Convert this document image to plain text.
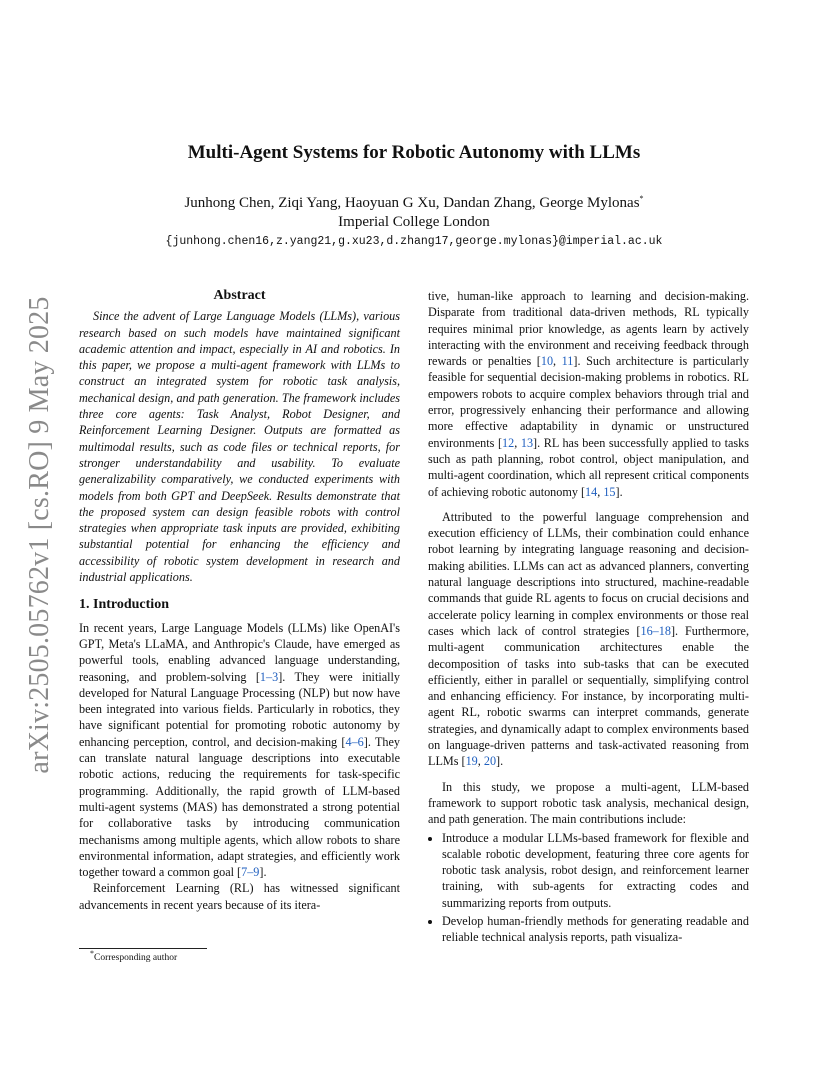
arXiv:2505.05762v1 [cs.RO] 9 May 2025
Multi-Agent Systems for Robotic Autonomy with LLMs
Junhong Chen, Ziqi Yang, Haoyuan G Xu, Dandan Zhang, George Mylonas*
Imperial College London
{junhong.chen16,z.yang21,g.xu23,d.zhang17,george.mylonas}@imperial.ac.uk
Abstract

Since the advent of Large Language Models (LLMs), various research based on such models have maintained significant academic attention and impact, especially in AI and robotics. In this paper, we propose a multi-agent framework with LLMs to construct an integrated system for robotic task analysis, mechanical design, and path generation. The framework includes three core agents: Task Analyst, Robot Designer, and Reinforcement Learning Designer. Outputs are formatted as multimodal results, such as code files or technical reports, for stronger understandability and usability. To evaluate generalizability comparatively, we conducted experiments with models from both GPT and DeepSeek. Results demonstrate that the proposed system can design feasible robots with control strategies when appropriate task inputs are provided, exhibiting substantial potential for enhancing the efficiency and accessibility of robotic system development in research and industrial applications.

1. Introduction

In recent years, Large Language Models (LLMs) like OpenAI's GPT, Meta's LLaMA, and Anthropic's Claude, have emerged as powerful tools, enabling advanced language understanding, reasoning, and problem-solving [1–3]. They were initially developed for Natural Language Processing (NLP) but now have been integrated into various fields. Particularly in robotics, they have significant potential for promoting robotic autonomy by enhancing perception, control, and decision-making [4–6]. They can translate natural language descriptions into executable robotic actions, reducing the requirements for task-specific programming. Additionally, the rapid growth of LLM-based multi-agent systems (MAS) has demonstrated a strong potential for collaborative tasks by introducing communication mechanisms among multiple agents, which allow robots to share environmental information, adapt strategies, and efficiently work together toward a common goal [7–9].

Reinforcement Learning (RL) has witnessed significant advancements in recent years because of its itera-

tive, human-like approach to learning and decision-making. Disparate from traditional data-driven methods, RL typically requires minimal prior knowledge, as agents learn by actively interacting with the environment and receiving feedback through rewards or penalties [10, 11]. Such architecture is particularly feasible for sequential decision-making problems in robotics. RL empowers robots to acquire complex behaviors through trial and error, progressively enhancing their performance and allowing more effective adaptability in dynamic or unstructured environments [12, 13]. RL has been successfully applied to tasks such as path planning, robot control, object manipulation, and multi-agent coordination, which all represent critical components of achieving robotic autonomy [14, 15].

Attributed to the powerful language comprehension and execution efficiency of LLMs, their combination could enhance robot learning by integrating language reasoning and decision-making abilities. LLMs can act as advanced planners, converting natural language descriptions into structured, machine-readable commands that guide RL agents to focus on crucial decisions and accelerate policy learning in complex environments or those real cases which lack of control strategies [16–18]. Furthermore, multi-agent communication architectures enable the decomposition of tasks into sub-tasks that can be executed efficiently, either in parallel or sequentially, simplifying control and enhancing efficiency. For instance, by incorporating multi-agent RL, robotic swarms can interpret commands, generate strategies, and dynamically adapt to complex environments based on language-driven patterns and task-activated reasoning from LLMs [19, 20].

In this study, we propose a multi-agent, LLM-based framework to support robotic task analysis, mechanical design, and path generation. The main contributions include:

• Introduce a modular LLMs-based framework for flexible and scalable robotic development, featuring three core agents for robotic task analysis, robot design, and reinforcement learner training, with sub-agents for extracting codes and summarizing reports from outputs.
• Develop human-friendly methods for generating readable and reliable technical analysis reports, path visualiza-
*Corresponding author
